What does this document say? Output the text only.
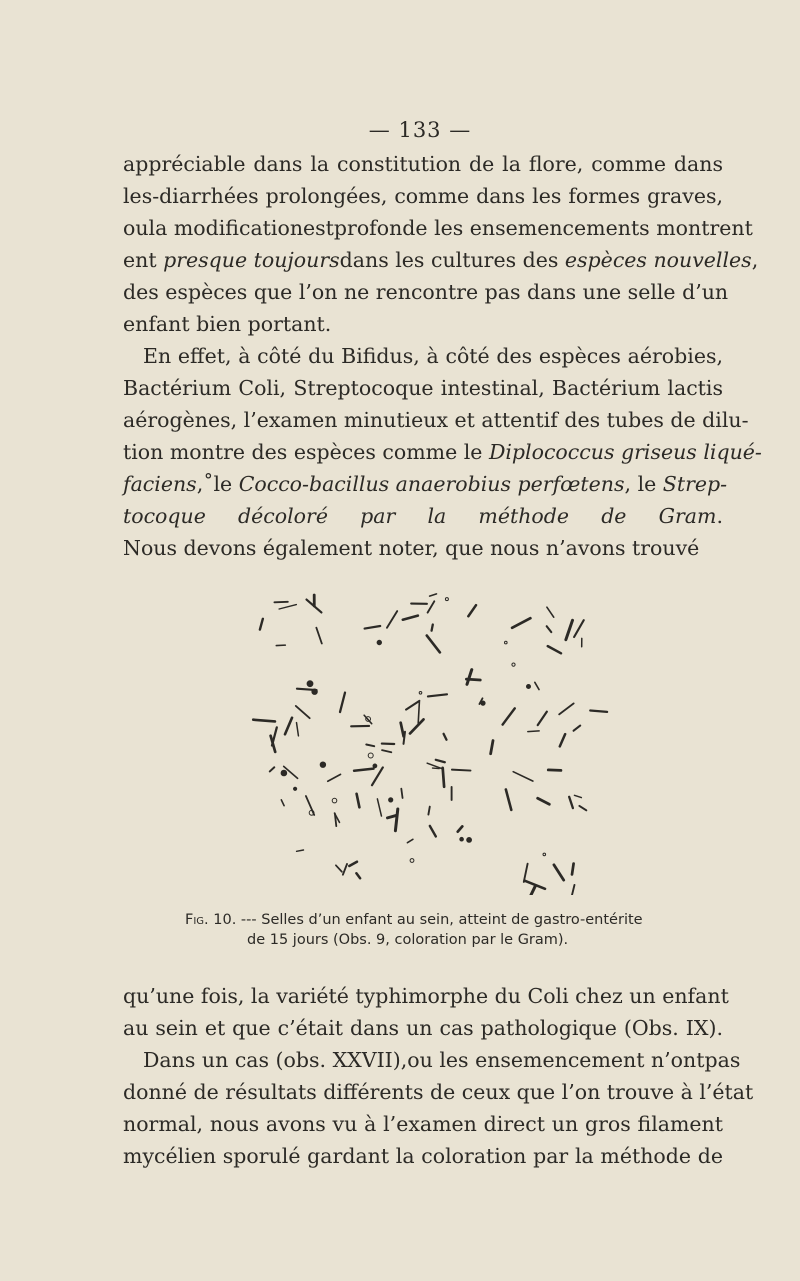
— 133 —

appréciable dans la constitution de la flore, comme dans
les-diarrhées prolongées, comme dans les formes graves,
oula modificationestprofonde les ensemencements montrent
ent presque toujoursdans les cultures des espèces nouvelles,
des espèces que l’on ne rencontre pas dans une selle d’un
enfant bien portant.

En effet, à côté du Bifidus, à côté des espèces aérobies,
Bactérium Coli, Streptocoque intestinal, Bactérium lactis
aérogènes, l’examen minutieux et attentif des tubes de dilu-
tion montre des espèces comme le Diplococcus griseus liqué-
faciens,˚le Cocco-bacillus anaerobius perfœtens, le Strep-
tocoque décoloré par la méthode de Gram.
Nous devons également noter, que nous n’avons trouvé

Fig. 10. --- Selles d’un enfant au sein, atteint de gastro-entérite
de 15 jours (Obs. 9, coloration par le Gram).

qu’une fois, la variété typhimorphe du Coli chez un enfant
au sein et que c’était dans un cas pathologique (Obs. IX).
Dans un cas (obs. XXVII),ou les ensemencement n’ontpas
donné de résultats différents de ceux que l’on trouve à l’état
normal, nous avons vu à l’examen direct un gros filament
mycélien sporulé gardant la coloration par la méthode de
